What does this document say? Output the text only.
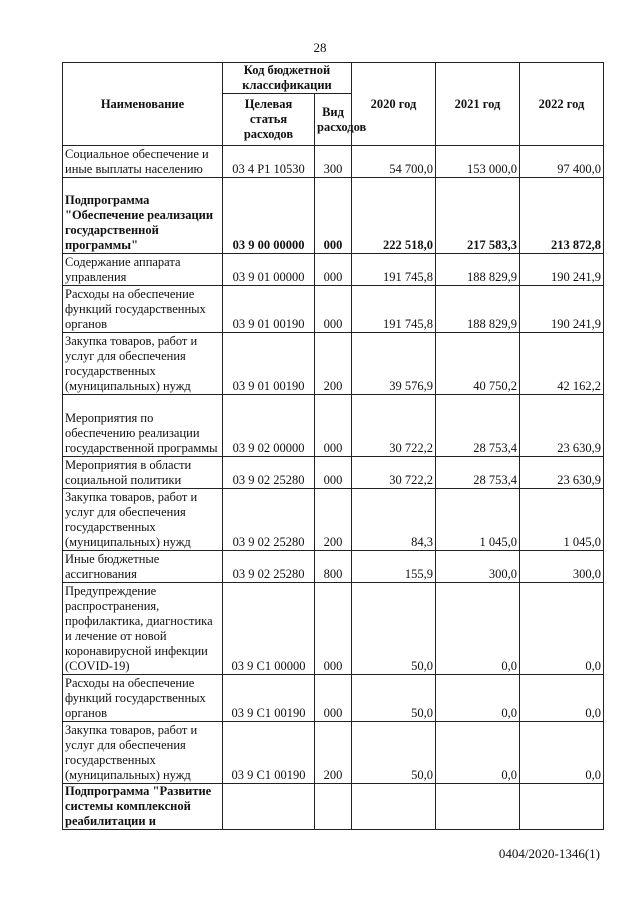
28
Наименование	Код бюджетной классификации		2020 год	2021 год	2022 год
	Целевая статья расходов	Вид расходов			
Социальное обеспечение и иные выплаты населению	03 4 P1 10530	300	54 700,0	153 000,0	97 400,0
Подпрограмма "Обеспечение реализации государственной программы"	03 9 00 00000	000	222 518,0	217 583,3	213 872,8
Содержание аппарата управления	03 9 01 00000	000	191 745,8	188 829,9	190 241,9
Расходы на обеспечение функций государственных органов	03 9 01 00190	000	191 745,8	188 829,9	190 241,9
Закупка товаров, работ и услуг для обеспечения государственных (муниципальных) нужд	03 9 01 00190	200	39 576,9	40 750,2	42 162,2
Мероприятия по обеспечению реализации государственной программы	03 9 02 00000	000	30 722,2	28 753,4	23 630,9
Мероприятия в области социальной политики	03 9 02 25280	000	30 722,2	28 753,4	23 630,9
Закупка товаров, работ и услуг для обеспечения государственных (муниципальных) нужд	03 9 02 25280	200	84,3	1 045,0	1 045,0
Иные бюджетные ассигнования	03 9 02 25280	800	155,9	300,0	300,0
Предупреждение распространения, профилактика, диагностика и лечение от новой коронавирусной инфекции (COVID-19)	03 9 C1 00000	000	50,0	0,0	0,0
Расходы на обеспечение функций государственных органов	03 9 C1 00190	000	50,0	0,0	0,0
Закупка товаров, работ и услуг для обеспечения государственных (муниципальных) нужд	03 9 C1 00190	200	50,0	0,0	0,0
Подпрограмма "Развитие системы комплексной реабилитации и					
0404/2020-1346(1)
